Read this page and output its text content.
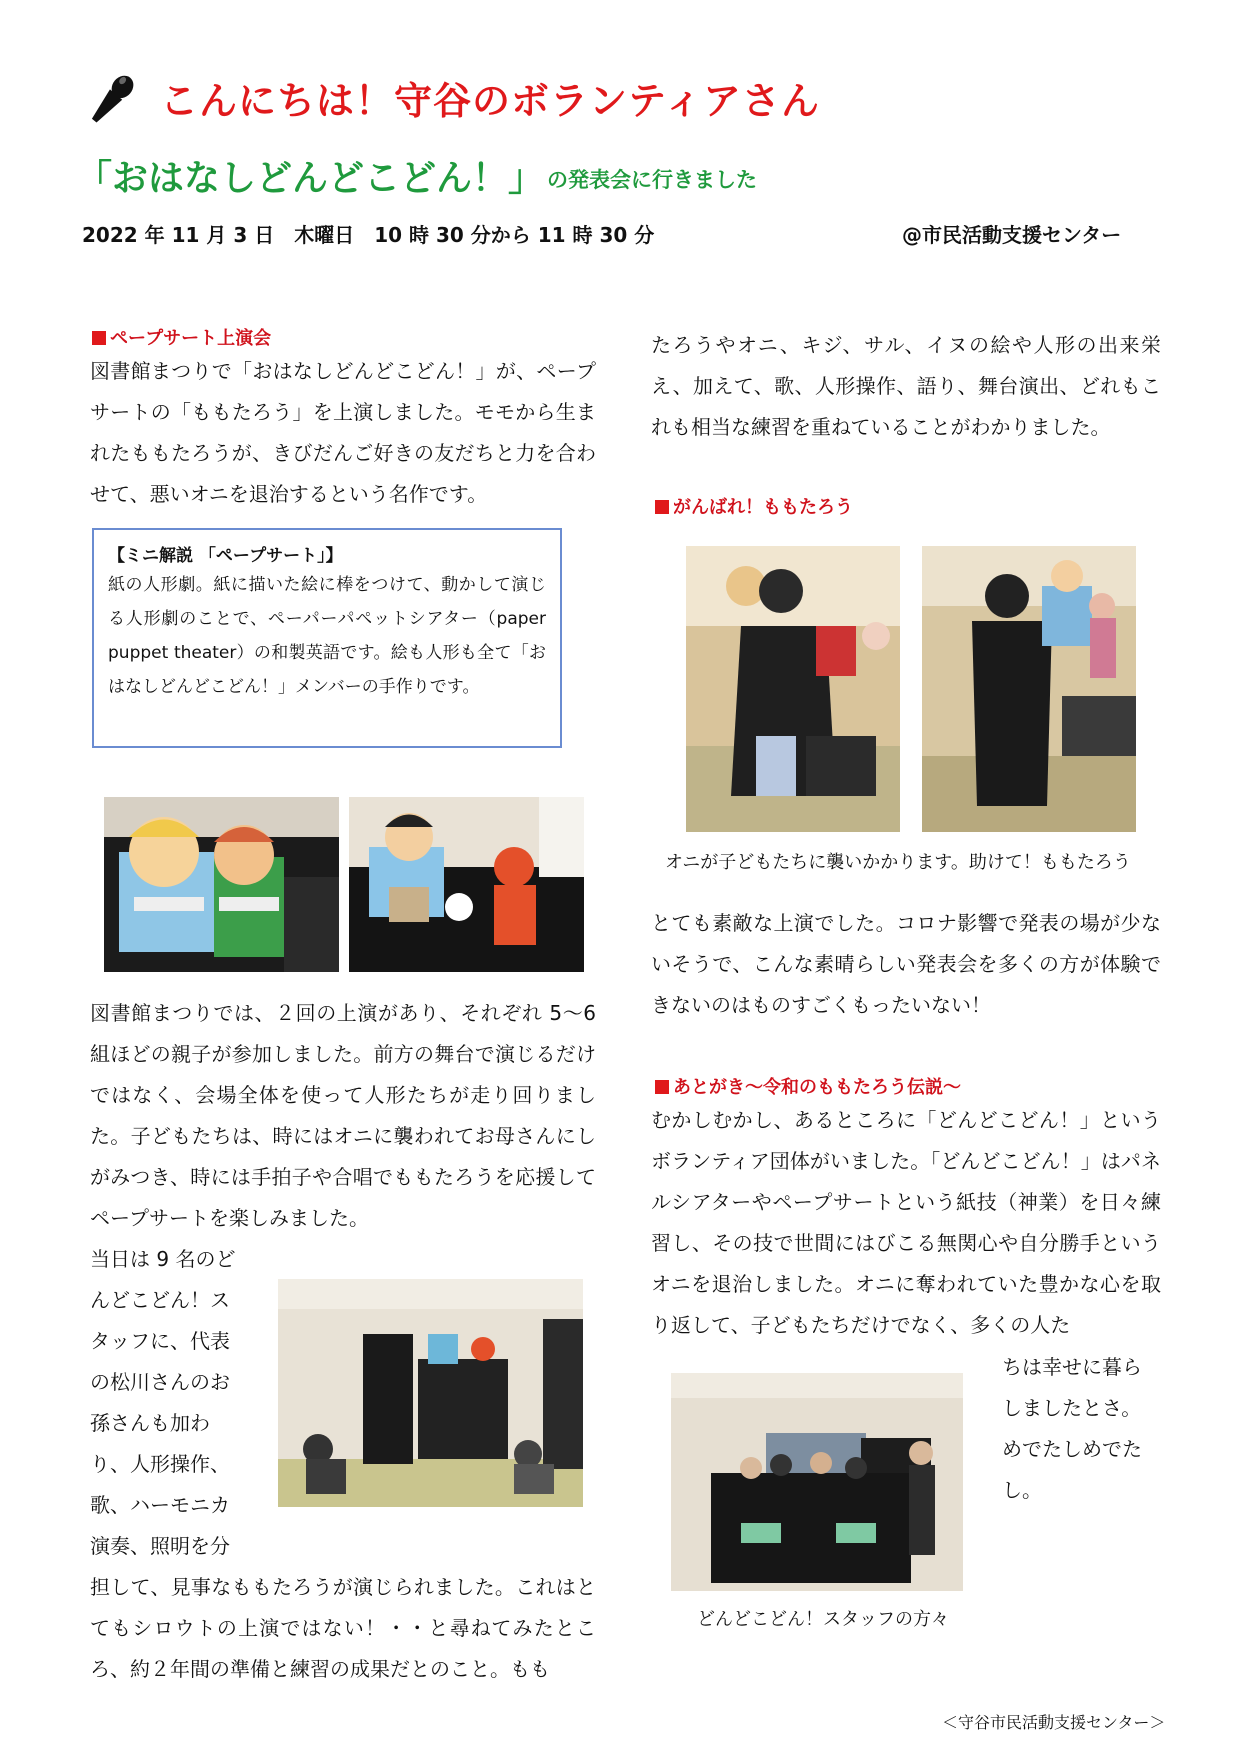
こんにちは！守谷のボランティアさん
「おはなしどんどこどん！」 の発表会に行きました
2022 年 11 月 3 日　木曜日　10 時 30 分から 11 時 30 分	@市民活動支援センター
ペープサート上演会
図書館まつりで「おはなしどんどこどん！」が、ペープサートの「ももたろう」を上演しました。モモから生まれたももたろうが、きびだんご好きの友だちと力を合わせて、悪いオニを退治するという名作です。
【ミニ解説 「ペープサート」】
紙の人形劇。紙に描いた絵に棒をつけて、動かして演じる人形劇のことで、ペーパーパペットシアター（paper puppet theater）の和製英語です。絵も人形も全て「おはなしどんどこどん！」メンバーの手作りです。
図書館まつりでは、２回の上演があり、それぞれ 5〜6 組ほどの親子が参加しました。前方の舞台で演じるだけではなく、会場全体を使って人形たちが走り回りました。子どもたちは、時にはオニに襲われてお母さんにしがみつき、時には手拍子や合唱でももたろうを応援してペープサートを楽しみました。
当日は 9 名のど
んどこどん！ス
タッフに、代表
の松川さんのお
孫さんも加わ
り、人形操作、
歌、ハーモニカ
演奏、照明を分
担して、見事なももたろうが演じられました。これはとてもシロウトの上演ではない！・・と尋ねてみたところ、約２年間の準備と練習の成果だとのこと。もも
たろうやオニ、キジ、サル、イヌの絵や人形の出来栄え、加えて、歌、人形操作、語り、舞台演出、どれもこれも相当な練習を重ねていることがわかりました。
がんばれ！ももたろう
オニが子どもたちに襲いかかります。助けて！ももたろう
とても素敵な上演でした。コロナ影響で発表の場が少ないそうで、こんな素晴らしい発表会を多くの方が体験できないのはものすごくもったいない！
あとがき〜令和のももたろう伝説〜
むかしむかし、あるところに「どんどこどん！」というボランティア団体がいました。「どんどこどん！」はパネルシアターやペープサートという紙技（神業）を日々練習し、その技で世間にはびこる無関心や自分勝手というオニを退治しました。オニに奪われていた豊かな心を取り返して、子どもたちだけでなく、多くの人た
ちは幸せに暮ら
しましたとさ。
めでたしめでた
し。
どんどこどん！スタッフの方々
＜守谷市民活動支援センター＞
